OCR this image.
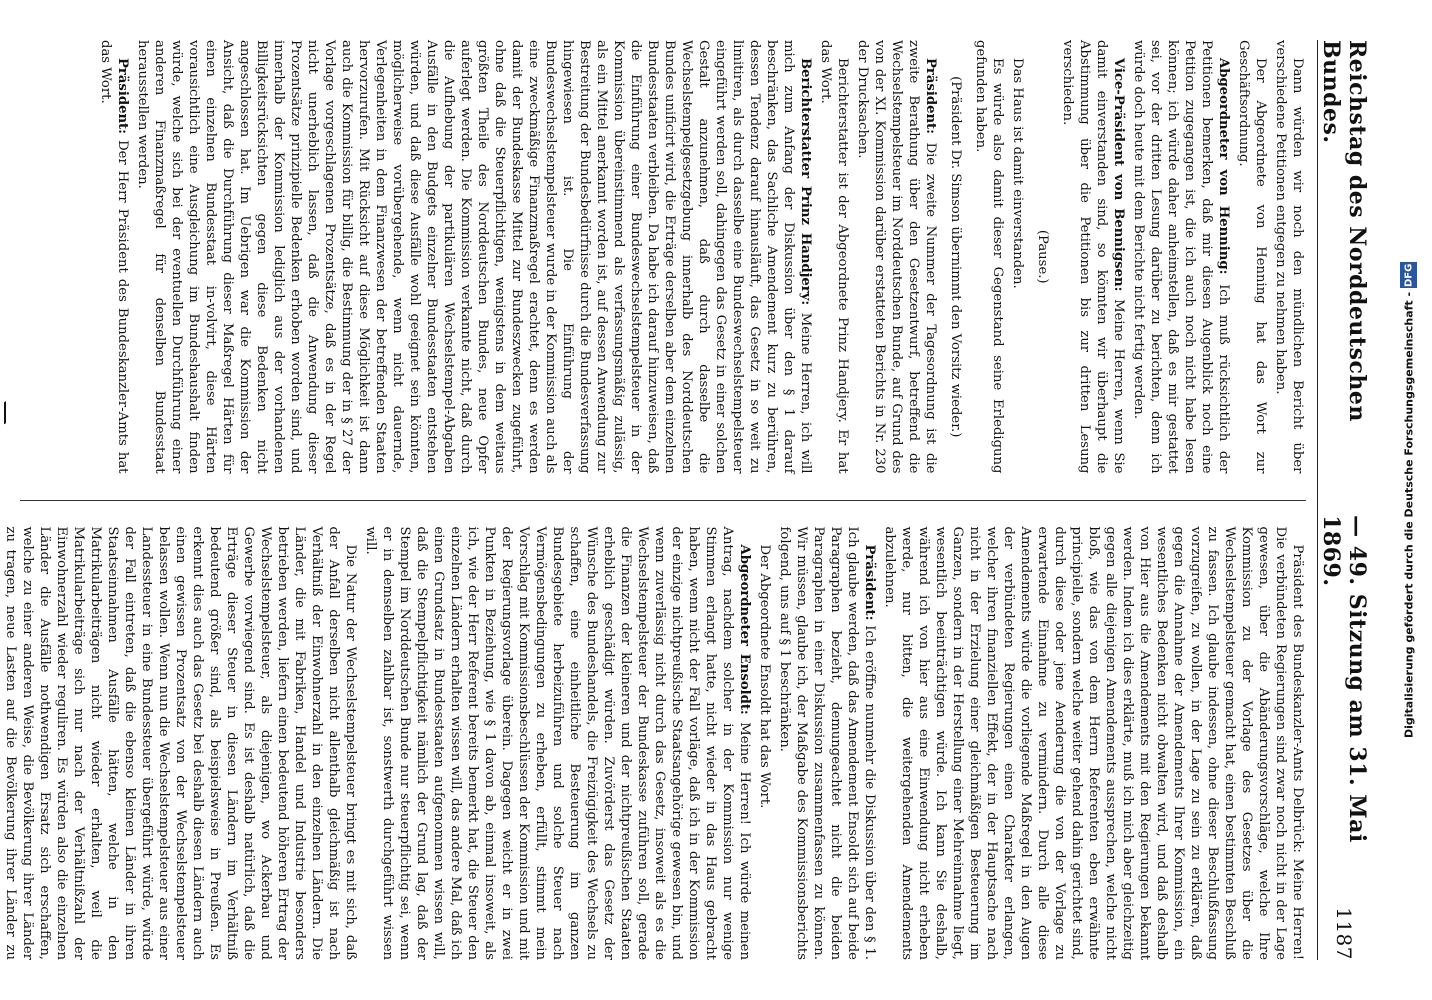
Reichstag des Norddeutschen Bundes.
— 49. Sitzung am 31. Mai 1869.
1187

Dann würden wir noch den mündlichen Bericht über verschiedene Petitionen entgegen zu nehmen haben.

Der Abgeordnete von Henning hat das Wort zur Geschäftsordnung.

Abgeordneter von Henning: Ich muß rücksichtlich der Petitionen bemerken, daß mir diesen Augenblick noch eine Petition zugegangen ist, die ich auch noch nicht habe lesen können; ich würde daher anheimstellen, daß es mir gestattet sei, vor der dritten Lesung darüber zu berichten, denn ich würde doch heute mit dem Berichte nicht fertig werden.

Vice-Präsident von Bennigsen: Meine Herren, wenn Sie damit einverstanden sind, so könnten wir überhaupt die Abstimmung über die Petitionen bis zur dritten Lesung verschieden.

(Pause.)

Das Haus ist damit einverstanden.

Es würde also damit dieser Gegenstand seine Erledigung gefunden haben.

(Präsident Dr. Simson übernimmt den Vorsitz wieder.)

Präsident: Die zweite Nummer der Tagesordnung ist die zweite Berathung über den Gesetzentwurf, betreffend die Wechselstempelsteuer im Norddeutschen Bunde, auf Grund des von der XI. Kommission darüber erstatteten Berichts in Nr. 230 der Drucksachen.

Berichterstatter ist der Abgeordnete Prinz Handjery. Er hat das Wort.

Berichterstatter Prinz Handjery: Meine Herren, ich will mich zum Anfang der Diskussion über den § 1 darauf beschränken, das Sachliche Amendement kurz zu berühren, dessen Tendenz darauf hinausläuft, das Gesetz in so weit zu limitiren, als durch dasselbe eine Bundeswechselstempelsteuer eingeführt werden soll, dahingegen das Gesetz in einer solchen Gestalt anzunehmen, daß durch dasselbe die Wechselstempelgesetzgebung innerhalb des Norddeutschen Bundes unificirt wird, die Erträge derselben aber dem einzelnen Bundesstaaten verbleiben. Da habe ich darauf hinzuweisen, daß die Einführung einer Bundeswechselstempelsteuer in der Kommission übereinstimmend als verfassungsmäßig zulässig, als ein Mittel anerkannt worden ist, auf dessen Anwendung zur Bestreitung der Bundesbedürfnisse durch die Bundesverfassung hingewiesen ist. Die Einführung der Bundeswechselstempelsteuer wurde in der Kommission auch als eine zweckmäßige Finanzmaßregel erachtet, denn es werden damit der Bundeskasse Mittel zur Bundeszwecken zugeführt, ohne daß die Steuerpflichtigen, wenigstens in dem weitaus größten Theile des Norddeutschen Bundes, neue Opfer auferlegt werden. Die Kommission verkannte nicht, daß durch die Aufhebung der partikulären Wechselstempel-Abgaben Ausfälle in den Budgets einzelner Bundesstaaten entstehen würden, und daß diese Ausfälle wohl geeignet sein könnten, möglicherweise vorübergehende, wenn nicht dauernde, Verlegenheiten in dem Finanzwesen der betreffenden Staaten hervorzurufen. Mit Rücksicht auf diese Möglichkeit ist dann auch die Kommission für billig, die Bestimmung der in § 27 der Vorlage vorgeschlagenen Prozentsätze, daß es in der Regel nicht unerheblich lassen, daß die Anwendung dieser Prozentsätze prinzipielle Bedenken erhoben worden sind, und innerhalb der Kommission lediglich aus der vorhandenen Billigkeitsrücksichten gegen diese Bedenken nicht angeschlossen hat. Im Uebrigen war die Kommission der Ansicht, daß die Durchführung dieser Maßregel Härten für einen einzelnen Bundesstaat in-volvirt, diese Härten vorausichtlich eine Ausgleichung im Bundeshaushalt finden würde, welche sich bei der eventuellen Durchführung einer anderen Finanzmaßregel für denselben Bundesstaat herausstellen werden.

Präsident: Der Herr Präsident des Bundeskanzler-Amts hat das Wort.

Präsident des Bundeskanzler-Amts Delbrück: Meine Herren! Die verbündeten Regierungen sind zwar noch nicht in der Lage gewesen, über die Abänderungsvorschläge, welche Ihre Kommission zu der Vorlage des Gesetzes über die Wechselstempelsteuer gemacht hat, einen bestimmten Beschluß zu fassen. Ich glaube indessen, ohne dieser Beschlußfassung vorzugreifen, zu wollen, in der Lage zu sein zu erklären, daß gegen die Annahme der Amendements Ihrer Kommission, ein wesentliches Bedenken nicht obwalten wird, und daß deshalb von Hier aus die Amendements mit den Regierungen bekannt werden. Indem ich dies erklärte, muß ich mich aber gleichzeitig gegen alle diejenigen Amendements aussprechen, welche nicht bloß, wie das von dem Herrn Referenten eben erwähnte principielle, sondern welche weiter gehend dahin gerichtet sind, durch diese oder jene Aenderung die von der Vorlage zu erwartende Einnahme zu vermindern. Durch alle diese Amendements würde die vorliegende Maßregel in den Augen der verbündeten Regierungen einen Charakter erlangen, welcher ihren finanziellen Effekt, der in der Hauptsache nach nicht in der Erzielung einer gleichmäßigen Besteuerung im Ganzen, sondern in der Herstellung einer Mehreinnahme liegt, wesentlich beeinträchtigen würde. Ich kann Sie deshalb, während ich von hier aus eine Einwendung nicht erheben werde, nur bitten, die weitergehenden Amendements abzulehnen.

Präsident: Ich eröffne nunmehr die Diskussion über den § 1. Ich glaube werden, daß das Amendement Ensoldt sich auf beide Paragraphen bezieht, demungeachtet nicht die beiden Paragraphen in einer Diskussion zusammenfassen zu können. Wir müssen, glaube ich, der Maßgabe des Kommissionsberichts folgend, uns auf § 1 beschränken.

Der Abgeordnete Ensoldt hat das Wort.

Abgeordneter Ensoldt: Meine Herren! Ich würde meinen Antrag, nachdem solcher in der Kommission nur wenige Stimmen erlangt hatte, nicht wieder in das Haus gebracht haben, wenn nicht der Fall vorläge, daß ich in der Kommission der einzige nichtpreußische Staatsangehörige gewesen bin, und wenn zuverlässig nicht durch das Gesetz, insoweit als es die Wechselstempelsteuer der Bundeskasse zuführen soll, gerade die Finanzen der kleineren und der nichtpreußischen Staaten erheblich geschädigt würden. Zuvörderst das Gesetz der Wünsche des Bundeshandels, die Freizügigkeit des Wechsels zu schaffen, eine einheitliche Besteuerung im ganzen Bundesgebiete herbeizuführen und solche Steuer nach Vermögensbedingungen zu erheben, erfüllt, stimmt mein Vorschlag mit Kommissionsbeschlüssen der Kommission und mit der Regierungsvorlage überein. Dagegen weicht er in zwei Punkten in Beziehung, wie § 1 davon ab, einmal insoweit, als ich, wie der Herr Referent bereits bemerkt hat, die Steuer den einzelnen Ländern erhalten wissen will, das andere Mal, daß ich einen Grundsatz in Bundesstaaten aufgenommen wissen will, daß die Stempelpflichtigkeit nämlich der Grund lag, daß der Stempel im Norddeutschen Bunde nur steuerpflichtig sei, wenn er in demselben zahlbar ist, sonstwerth durchgeführt wissen will.

Die Natur der Wechselstempelsteuer bringt es mit sich, daß der Anfall derselben nicht allenthalb gleichmäßig ist nach Verhältniß der Einwohnerzahl in den einzelnen Ländern. Die Länder, die mit Fabriken, Handel und Industrie besonders betrieben werden, liefern einen bedeutend höheren Ertrag der Wechselstempelsteuer, als diejenigen, wo Ackerbau und Gewerbe vorwiegend sind. Es ist deshalb natürlich, daß die Erträge dieser Steuer in diesen Ländern im Verhältniß bedeutend größer sind, als beispielsweise in Preußen. Es erkennt dies auch das Gesetz bei deshalb diesen Ländern auch einen gewissen Prozentsatz von der Wechselstempelsteuer belassen wollen. Wenn nun die Wechselstempelsteuer aus einer Landessteuer in eine Bundessteuer übergeführt würde, würde der Fall eintreten, daß die ebenso kleinen Länder in ihren Staatseinnahmen Ausfälle hätten, welche in den Matrikularbeiträgen nicht wieder erhalten, weil die Matrikularbeiträge sich nur nach der Verhältnißzahl der Einwohnerzahl wieder reguliren. Es würden also die einzelnen Länder die Ausfälle nothwendigen Ersatz sich erschaffen, welche zu einer anderen Weise, die Bevölkerung ihrer Länder zu tragen, neue Lasten auf die Bevölkerung ihrer Länder zu

Digitalisierung gefördert durch die Deutsche Forschungsgemeinschaft -
DFG
